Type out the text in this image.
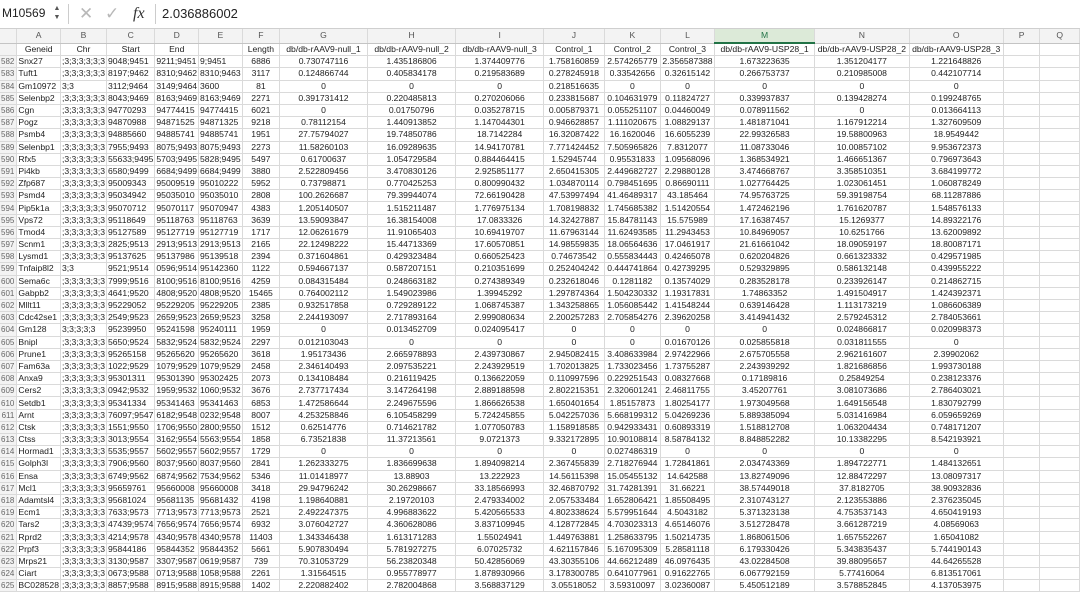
M10569	▲
▼ ✕ ✓ fx 2.036886002
	A	B	C	D	E	F	G	H	I	J	K	L	M	N	O	P	Q
	Geneid	Chr	Start	End		Length	db/db-rAAV9-null_1	db/db-rAAV9-null_2	db/db-rAAV9-null_3	Control_1	Control_2	Control_3	db/db-rAAV9-USP28_1	db/db-rAAV9-USP28_2	db/db-rAAV9-USP28_3		
582	Snx27	;3;3;3;3;3;3	9048;9451	9211;9451	9;9451	6886	0.730747116	1.435186806	1.374409776	1.758160859	2.574265779	2.356587388	1.673223635	1.351204177	1.221648826		
583	Tuft1	;3;3;3;3;3;3	8197;9462	8310;9462	8310;9463	3117	0.124866744	0.405834178	0.219583689	0.278245918	0.33542656	0.32615142	0.266753737	0.210985008	0.442107714		
584	Gm10972	3;3	3112;9464	3149;9464	3600	81	0	0	0	0.218516635	0	0	0	0	0		
585	Selenbp2	;3;3;3;3;3;3	8043;9469	8163;9469	8163;9469	2271	0.391731412	0.220485813	0.270206066	0.233815687	0.104631979	0.11824727	0.339937837	0.139428274	0.199248765		
586	Cgn	;3;3;3;3;3;3	94770293	94774415	94774415	6021	0	0.01750796	0.035278715	0.005879371	0.055251107	0.04460049	0.078911562	0	0.013664113		
587	Pogz	;3;3;3;3;3;3	94870988	94871525	94871325	9218	0.78112154	1.440913852	1.147044301	0.946628857	1.111020675	1.08829137	1.481871041	1.167912214	1.327609509		
588	Psmb4	;3;3;3;3;3;3	94885660	94885741	94885741	1951	27.75794027	19.74850786	18.7142284	16.32087422	16.1620046	16.6055239	22.99326583	19.58800963	18.9549442		
589	Selenbp1	;3;3;3;3;3;3	7955;9493	8075;9493	8075;9493	2273	11.58260103	16.09289635	14.94170781	7.771424452	7.505965826	7.8312077	11.08733046	10.00857102	9.953672373		
590	Rfx5	;3;3;3;3;3;3	55633;9495	5703;9495	5828;9495	5497	0.61700637	1.054729584	0.884464415	1.52945744	0.95531833	1.09568096	1.368534921	1.466651367	0.796973643		
591	Pi4kb	;3;3;3;3;3;3	6580;9499	6684;9499	6684;9499	3880	2.522809456	3.470830126	2.925851177	2.650415305	2.449682727	2.29880128	3.474668767	3.358510351	3.684199772		
592	Zfp687	;3;3;3;3;3;3	95009343	95009519	95010222	5952	0.73798871	0.770425253	0.800990432	1.034870114	0.798451695	0.86690111	1.027764425	1.023061451	1.060878249		
593	Psmd4	;3;3;3;3;3;3	95034942	95035010	95035010	2808	100.2626687	79.39944074	72.66190428	47.53997494	41.46489317	43.185464	74.95763725	59.39198754	68.11287886		
594	Pip5k1a	;3;3;3;3;3;3	95070712	95070117	95070947	4383	1.205140507	1.515211487	1.776975134	1.708198832	1.745685382	1.51420554	1.472462196	1.761620787	1.548576133		
595	Vps72	;3;3;3;3;3;3	95118649	95118763	95118763	3639	13.59093847	16.38154008	17.0833326	14.32427887	15.84781143	15.575989	17.16387457	15.1269377	14.89322176		
596	Tmod4	;3;3;3;3;3;3	95127589	95127719	95127719	1717	12.06261679	11.91065403	10.69419707	11.67963144	11.62493585	11.2943453	10.84969057	10.6251766	13.62009892		
597	Scnm1	;3;3;3;3;3;3	2825;9513	2913;9513	2913;9513	2165	22.12498222	15.44713369	17.60570851	14.98559835	18.06564636	17.0461917	21.61661042	18.09059197	18.80087171		
598	Lysmd1	;3;3;3;3;3;3	95137625	95137986	95139518	2394	0.371604861	0.429323484	0.660525423	0.74673542	0.555834443	0.42465078	0.620204826	0.661323332	0.429571985		
599	Tnfaip8l2	3;3	9521;9514	0596;9514	95142360	1122	0.594667137	0.587207151	0.210351699	0.252404242	0.444741864	0.42739295	0.529329895	0.586132148	0.439955222		
600	Sema6c	;3;3;3;3;3;3	7999;9516	8100;9516	8100;9516	4259	0.084315484	0.248663182	0.274389349	0.232618046	0.1281182	0.13574029	0.283528178	0.233926147	0.214862715		
601	Gabpb2	;3;3;3;3;3;3	4641;9520	4808;9520	4808;9520	15465	0.764002112	1.549023986	1.39945292	1.297874364	1.504230332	1.19317831	1.74863352	1.491504917	1.424392371		
602	Mllt11	;3;3;3;3;3;3	95229052	95229205	95229205	2385	0.932517858	0.729289122	1.068745387	1.343258865	1.056085442	1.41548244	0.639146428	1.113173219	1.086606389		
603	Cdc42se1	;3;3;3;3;3;3	2549;9523	2659;9523	2659;9523	3258	2.244193097	2.717893164	2.999080634	2.200257283	2.705854276	2.39620258	3.414941432	2.579245312	2.784053661		
604	Gm128	3;3;3;3;3	95239950	95241598	95240111	1959	0	0.013452709	0.024095417	0	0	0	0	0.024866817	0.020998373		
605	Bnipl	;3;3;3;3;3;3	5650;9524	5832;9524	5832;9524	2297	0.012103043	0	0	0	0	0.01670126	0.025855818	0.031811555	0		
606	Prune1	;3;3;3;3;3;3	95265158	95265620	95265620	3618	1.95173436	2.665978893	2.439730867	2.945082415	3.408633984	2.97422966	2.675705558	2.962161607	2.39902062		
607	Fam63a	;3;3;3;3;3;3	1022;9529	1079;9529	1079;9529	2458	2.346140493	2.097535221	2.243929519	1.702013825	1.733023456	1.73755287	2.243939292	1.821686856	1.993730188		
608	Anxa9	;3;3;3;3;3;3	95301311	95301390	95302425	2073	0.134108484	0.216119425	0.136622059	0.110997596	0.229251543	0.08327668	0.17189816	0.25849254	0.238123376		
609	Cers2	;3;3;3;3;3;3	0942;9532	1959;9532	1060;9532	3676	2.737717434	3.147264198	2.889188598	2.802215351	2.320601241	2.46811755	3.45207761	3.081073686	2.786403021		
610	Setdb1	;3;3;3;3;3;3	95341334	95341463	95341463	6853	1.472586644	2.249675596	1.866626538	1.650401654	1.85157873	1.80254177	1.973049568	1.649156548	1.830792799		
611	Arnt	;3;3;3;3;3;3	76097;9547	6182;9548	0232;9548	8007	4.253258846	6.105458299	5.724245855	5.042257036	5.668199312	5.04269236	5.889385094	5.031416984	6.059659269		
612	Ctsk	;3;3;3;3;3;3	1551;9550	1706;9550	2800;9550	1512	0.62514776	0.714621782	1.077050783	1.158918585	0.942933431	0.60893319	1.518812708	1.063204434	0.748171207		
613	Ctss	;3;3;3;3;3;3	3013;9554	3162;9554	5563;9554	1858	6.73521838	11.37213561	9.0721373	9.332172895	10.90108814	8.58784132	8.848852282	10.13382295	8.542193921		
614	Hormad1	;3;3;3;3;3;3	5535;9557	5602;9557	5602;9557	1729	0	0	0	0	0.027486319	0	0	0	0		
615	Golph3l	;3;3;3;3;3;3	7906;9560	8037;9560	8037;9560	2841	1.262333275	1.836699638	1.894098214	2.367455839	2.718276944	1.72841861	2.034743369	1.894722771	1.484132651		
616	Ensa	;3;3;3;3;3;3	6749;9562	6874;9562	7534;9562	5346	11.01418977	13.88903	13.222923	14.56115398	15.05455132	14.642588	13.82749096	12.88472297	13.08097317		
617	Mcl1	;3;3;3;3;3;3	95659761	95660008	95660008	3418	29.94796242	30.26298667	33.18566993	32.46870792	31.74281391	31.66221	38.57449018	37.8182705	38.90932836		
618	Adamtsl4	;3;3;3;3;3;3	95681024	95681135	95681432	4198	1.198640881	2.19720103	2.479334002	2.057533484	1.652806421	1.85508495	2.310743127	2.123553886	2.376235045		
619	Ecm1	;3;3;3;3;3;3	7633;9573	7713;9573	7713;9573	2521	2.492247375	4.996883622	5.420565533	4.802338624	5.579951644	4.5043182	5.371323138	4.753537143	4.650419193		
620	Tars2	;3;3;3;3;3;3	47439;9574	7656;9574	7656;9574	6932	3.076042727	4.360628086	3.837109945	4.128772845	4.703023313	4.65146076	3.512728478	3.661287219	4.08569063		
621	Rprd2	;3;3;3;3;3;3	4214;9578	4340;9578	4340;9578	11403	1.343346438	1.613171283	1.55024941	1.449763881	1.258633795	1.50214735	1.868061506	1.657552267	1.65041082		
622	Prpf3	;3;3;3;3;3;3	95844186	95844352	95844352	5661	5.907830494	5.781927275	6.07025732	4.621157846	5.167095309	5.28581118	6.179330426	5.343835437	5.744190143		
623	Mrps21	;3;3;3;3;3;3	3130;9587	3307;9587	0619;9587	739	70.31053729	56.23820348	50.42856069	43.30355106	44.66212489	46.0976435	43.02284508	39.88095657	44.64265528		
624	Ciart	;3;3;3;3;3;3	0673;9588	0713;9588	1058;9588	2261	1.31564515	0.955778977	1.878930966	3.178300785	0.641077961	0.91622765	6.067792159	5.77416064	6.813517061		
625	BC028528	;3;3;3;3;3;3	8857;9588	8915;9588	8915;9588	1402	2.220882402	2.782004868	3.568837129	3.05518052	3.59310097	3.02360087	5.450512189	3.578852845	4.137053975		
